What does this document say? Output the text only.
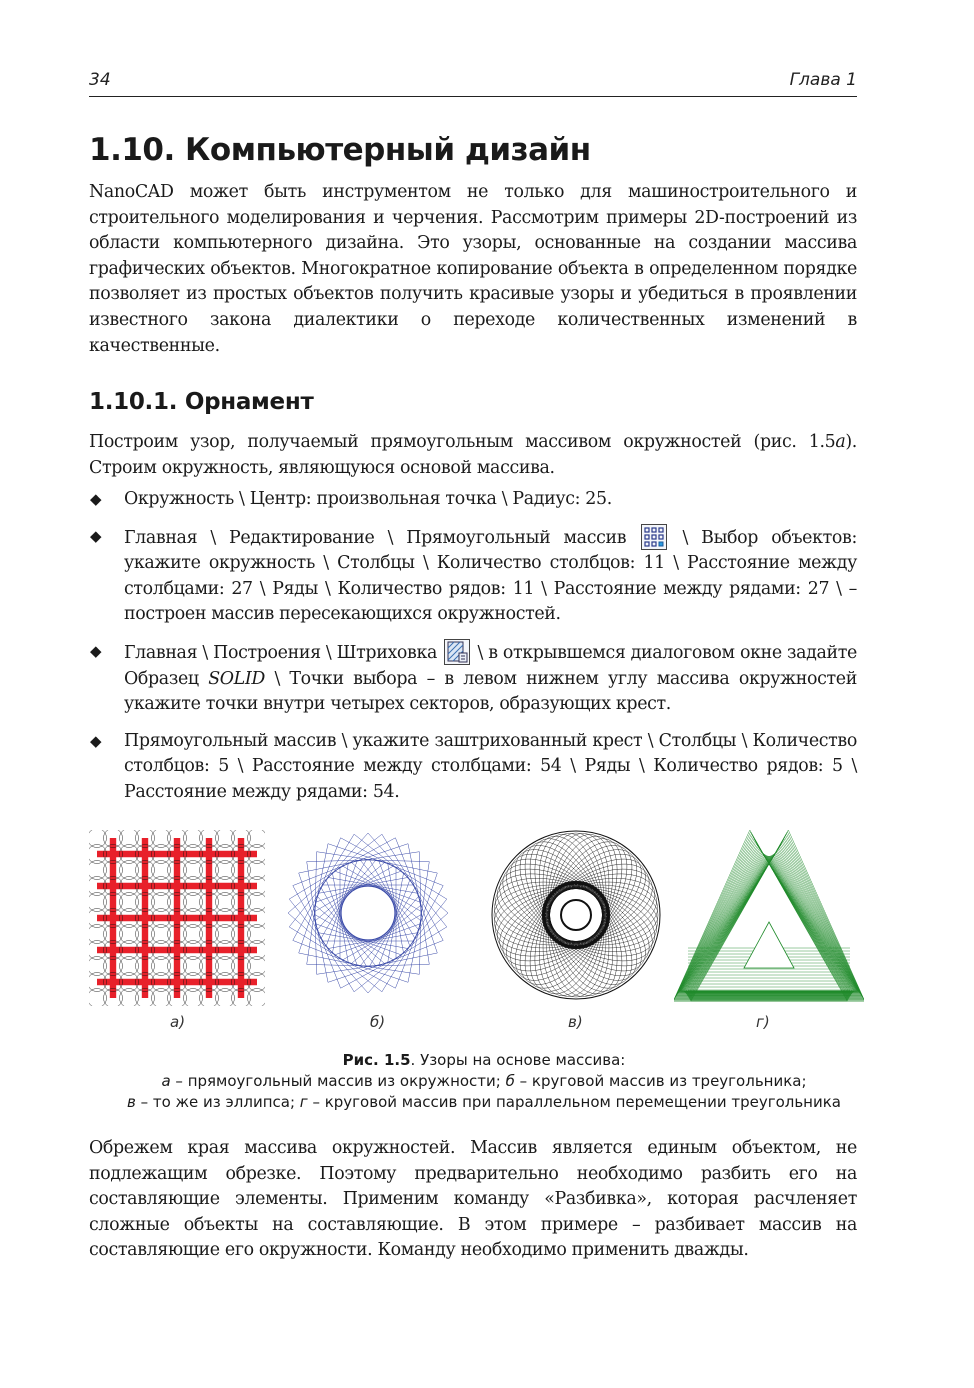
34	Глава 1
1.10. Компьютерный дизайн

NanoCAD может быть инструментом не только для машиностроительного и строительного моделирования и черчения. Рассмотрим примеры 2D-построений из области компьютерного дизайна. Это узоры, основанные на создании массива графических объектов. Многократное копирование объекта в определенном порядке позволяет из простых объектов получить красивые узоры и убедиться в проявлении известного закона диалектики о переходе количественных изменений в качественные.

1.10.1. Орнамент

Построим узор, получаемый прямоугольным массивом окружностей (рис. 1.5а). Строим окружность, являющуюся основой массива.

◆ Окружность \ Центр: произвольная точка \ Радиус: 25.
◆ Главная \ Редактирование \ Прямоугольный массив	\ Выбор объектов: укажите окружность \ Столбцы \ Количество столбцов: 11 \ Расстояние между столбцами: 27 \ Ряды \ Количество рядов: 11 \ Расстояние между рядами: 27 \ – построен массив пересекающихся окружностей.
◆ Главная \ Построения \ Штриховка \ в открывшемся диалоговом окне задайте Образец SOLID \ Точки выбора – в левом нижнем углу массива окружностей укажите точки внутри четырех секторов, образующих крест.
◆ Прямоугольный массив \ укажите заштрихованный крест \ Столбцы \ Количество столбцов: 5 \ Расстояние между столбцами: 54 \ Ряды \ Количество рядов: 5 \ Расстояние между рядами: 54.
а)	б)	в)	г)
Рис. 1.5. Узоры на основе массива:
а – прямоугольный массив из окружности; б – круговой массив из треугольника;
в – то же из эллипса; г – круговой массив при параллельном перемещении треугольника

Обрежем края массива окружностей. Массив является единым объектом, не подлежащим обрезке. Поэтому предварительно необходимо разбить его на составляющие элементы. Применим команду «Разбивка», которая расчленяет сложные объекты на составляющие. В этом примере – разбивает массив на составляющие его окружности. Команду необходимо применить дважды.
